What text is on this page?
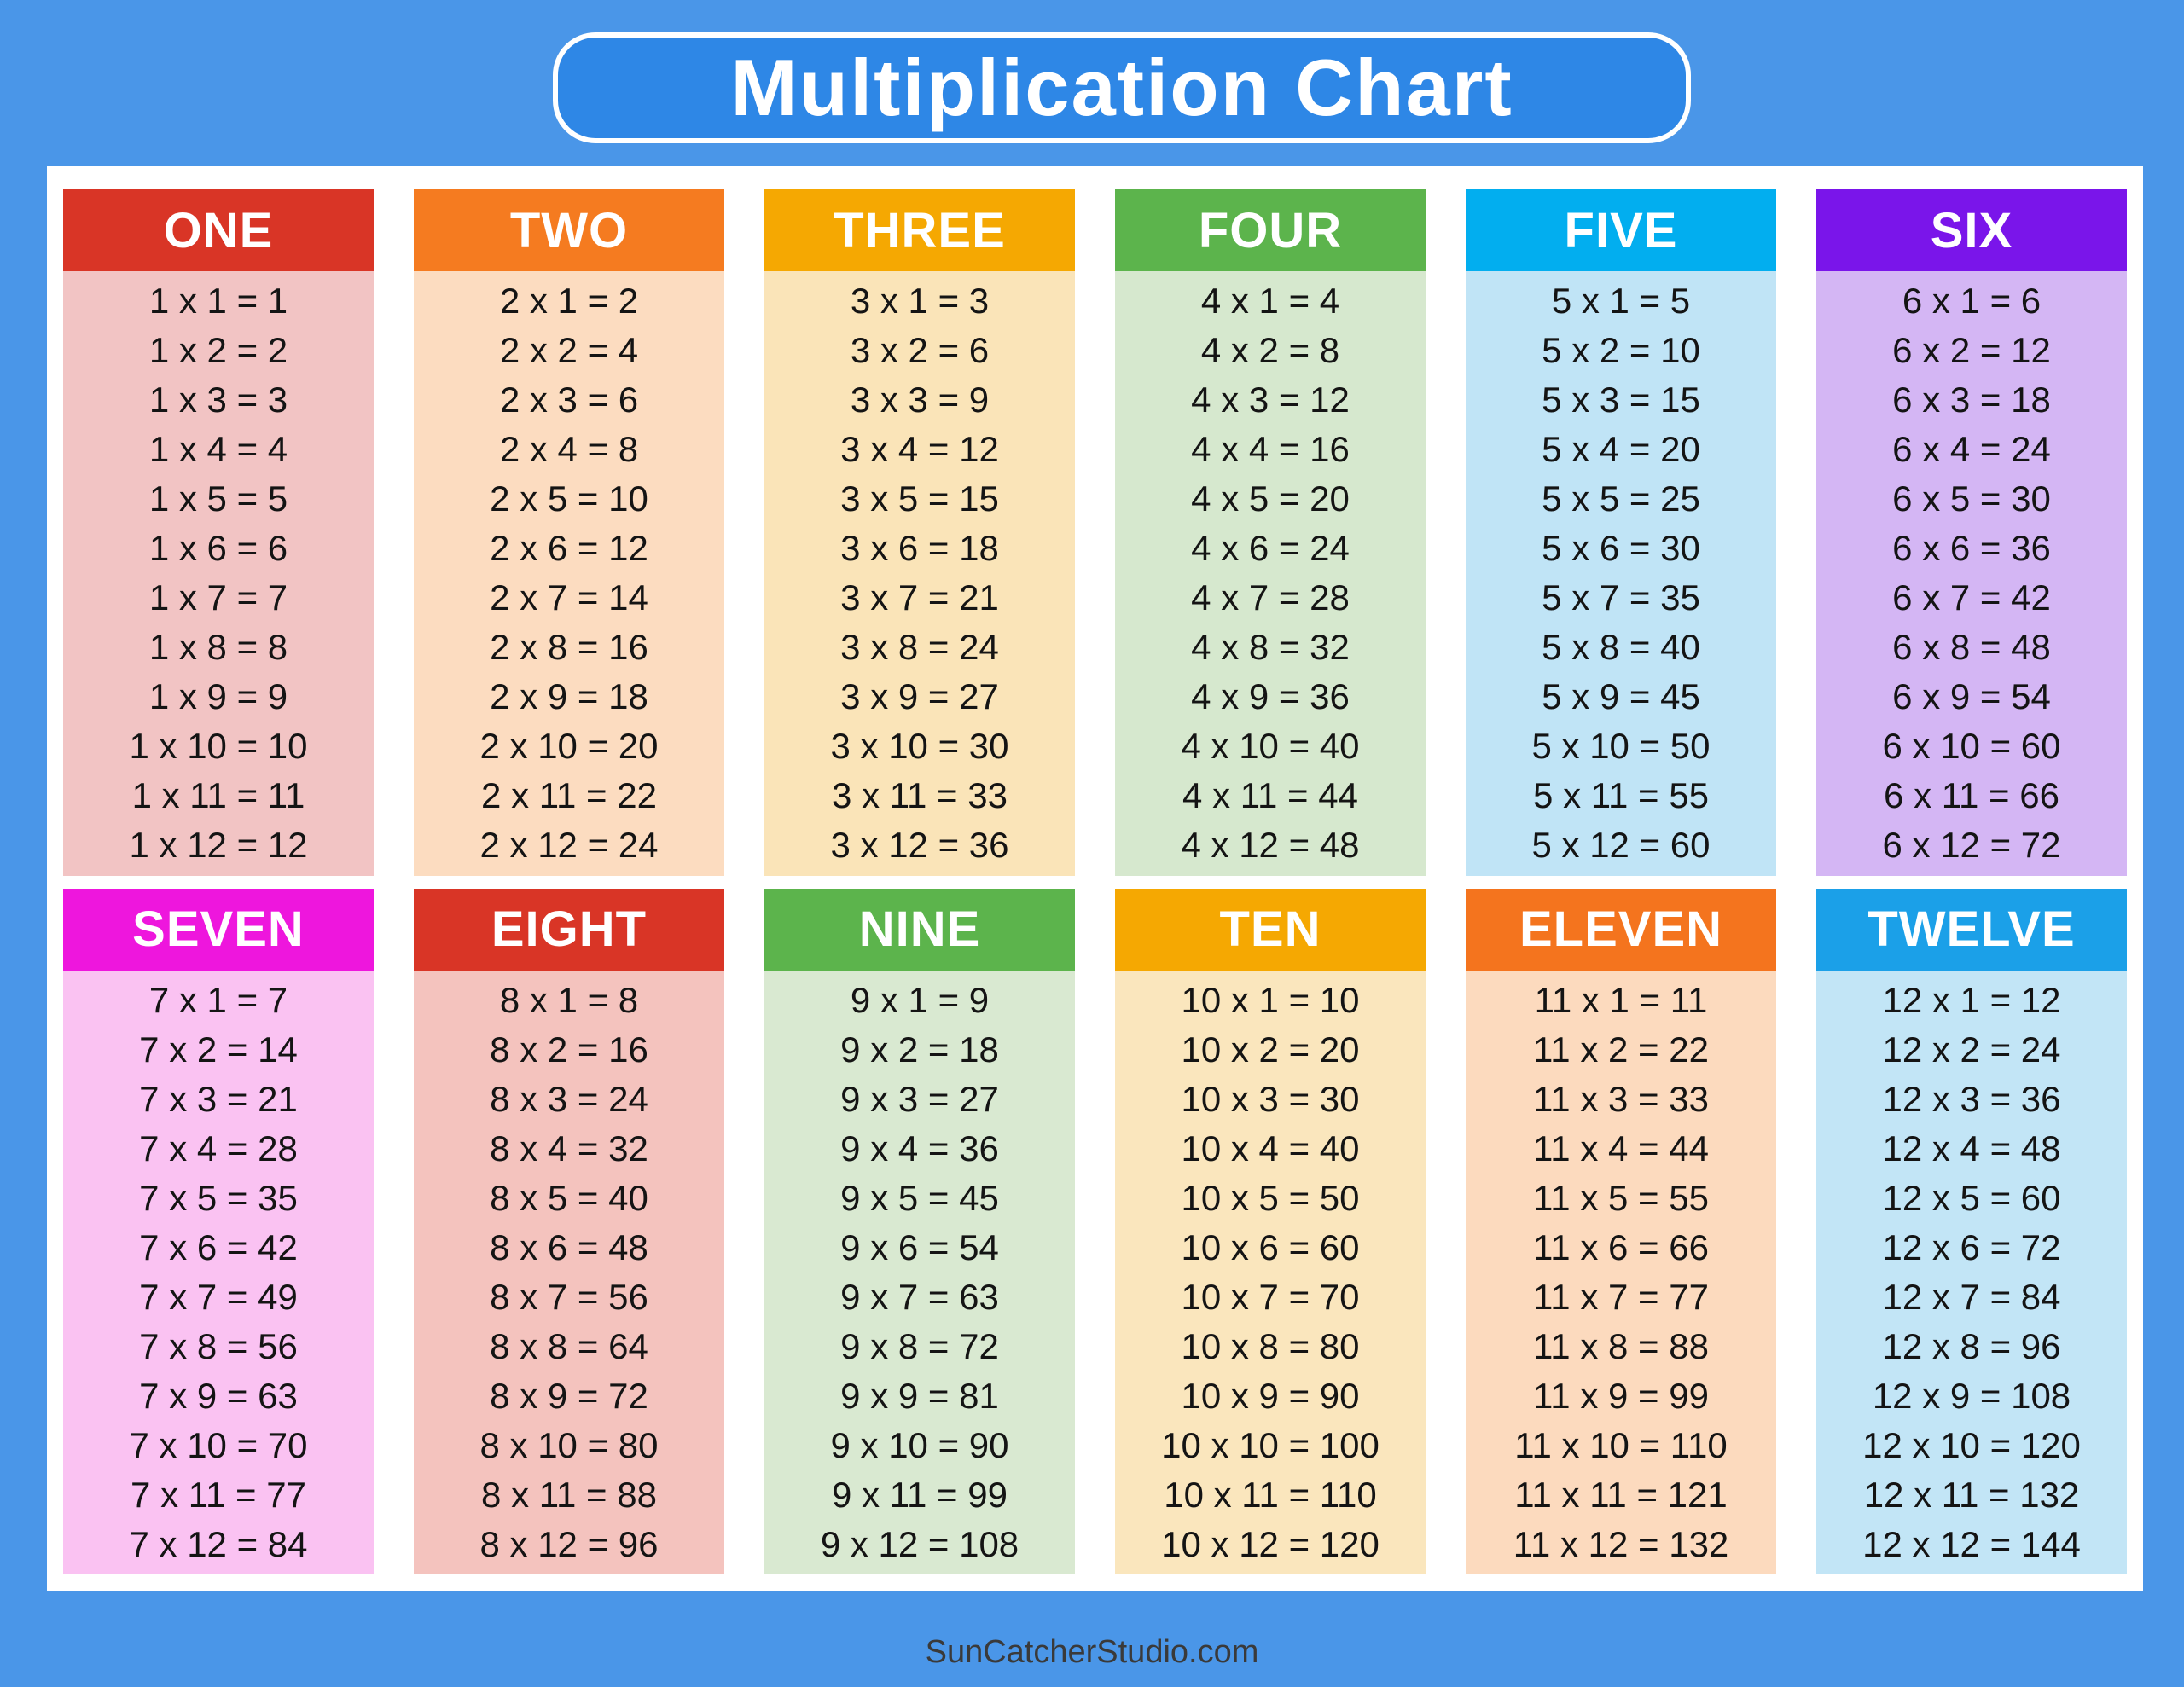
Multiplication Chart
ONE
1 x 1 = 1
1 x 2 = 2
1 x 3 = 3
1 x 4 = 4
1 x 5 = 5
1 x 6 = 6
1 x 7 = 7
1 x 8 = 8
1 x 9 = 9
1 x 10 = 10
1 x 11 = 11
1 x 12 = 12
TWO
2 x 1 = 2
2 x 2 = 4
2 x 3 = 6
2 x 4 = 8
2 x 5 = 10
2 x 6 = 12
2 x 7 = 14
2 x 8 = 16
2 x 9 = 18
2 x 10 = 20
2 x 11 = 22
2 x 12 = 24
THREE
3 x 1 = 3
3 x 2 = 6
3 x 3 = 9
3 x 4 = 12
3 x 5 = 15
3 x 6 = 18
3 x 7 = 21
3 x 8 = 24
3 x 9 = 27
3 x 10 = 30
3 x 11 = 33
3 x 12 = 36
FOUR
4 x 1 = 4
4 x 2 = 8
4 x 3 = 12
4 x 4 = 16
4 x 5 = 20
4 x 6 = 24
4 x 7 = 28
4 x 8 = 32
4 x 9 = 36
4 x 10 = 40
4 x 11 = 44
4 x 12 = 48
FIVE
5 x 1 = 5
5 x 2 = 10
5 x 3 = 15
5 x 4 = 20
5 x 5 = 25
5 x 6 = 30
5 x 7 = 35
5 x 8 = 40
5 x 9 = 45
5 x 10 = 50
5 x 11 = 55
5 x 12 = 60
SIX
6 x 1 = 6
6 x 2 = 12
6 x 3 = 18
6 x 4 = 24
6 x 5 = 30
6 x 6 = 36
6 x 7 = 42
6 x 8 = 48
6 x 9 = 54
6 x 10 = 60
6 x 11 = 66
6 x 12 = 72
SEVEN
7 x 1 = 7
7 x 2 = 14
7 x 3 = 21
7 x 4 = 28
7 x 5 = 35
7 x 6 = 42
7 x 7 = 49
7 x 8 = 56
7 x 9 = 63
7 x 10 = 70
7 x 11 = 77
7 x 12 = 84
EIGHT
8 x 1 = 8
8 x 2 = 16
8 x 3 = 24
8 x 4 = 32
8 x 5 = 40
8 x 6 = 48
8 x 7 = 56
8 x 8 = 64
8 x 9 = 72
8 x 10 = 80
8 x 11 = 88
8 x 12 = 96
NINE
9 x 1 = 9
9 x 2 = 18
9 x 3 = 27
9 x 4 = 36
9 x 5 = 45
9 x 6 = 54
9 x 7 = 63
9 x 8 = 72
9 x 9 = 81
9 x 10 = 90
9 x 11 = 99
9 x 12 = 108
TEN
10 x 1 = 10
10 x 2 = 20
10 x 3 = 30
10 x 4 = 40
10 x 5 = 50
10 x 6 = 60
10 x 7 = 70
10 x 8 = 80
10 x 9 = 90
10 x 10 = 100
10 x 11 = 110
10 x 12 = 120
ELEVEN
11 x 1 = 11
11 x 2 = 22
11 x 3 = 33
11 x 4 = 44
11 x 5 = 55
11 x 6 = 66
11 x 7 = 77
11 x 8 = 88
11 x 9 = 99
11 x 10 = 110
11 x 11 = 121
11 x 12 = 132
TWELVE
12 x 1 = 12
12 x 2 = 24
12 x 3 = 36
12 x 4 = 48
12 x 5 = 60
12 x 6 = 72
12 x 7 = 84
12 x 8 = 96
12 x 9 = 108
12 x 10 = 120
12 x 11 = 132
12 x 12 = 144
SunCatcherStudio.com
